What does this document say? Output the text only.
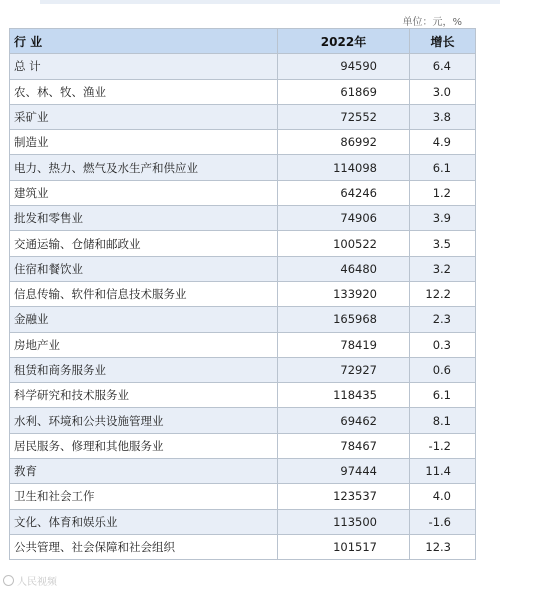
单位：元，%
行 业	2022年	增长
总 计	94590	6.4
农、林、牧、渔业	61869	3.0
采矿业	72552	3.8
制造业	86992	4.9
电力、热力、燃气及水生产和供应业	114098	6.1
建筑业	64246	1.2
批发和零售业	74906	3.9
交通运输、仓储和邮政业	100522	3.5
住宿和餐饮业	46480	3.2
信息传输、软件和信息技术服务业	133920	12.2
金融业	165968	2.3
房地产业	78419	0.3
租赁和商务服务业	72927	0.6
科学研究和技术服务业	118435	6.1
水利、环境和公共设施管理业	69462	8.1
居民服务、修理和其他服务业	78467	-1.2
教育	97444	11.4
卫生和社会工作	123537	4.0
文化、体育和娱乐业	113500	-1.6
公共管理、社会保障和社会组织	101517	12.3
人民视频
